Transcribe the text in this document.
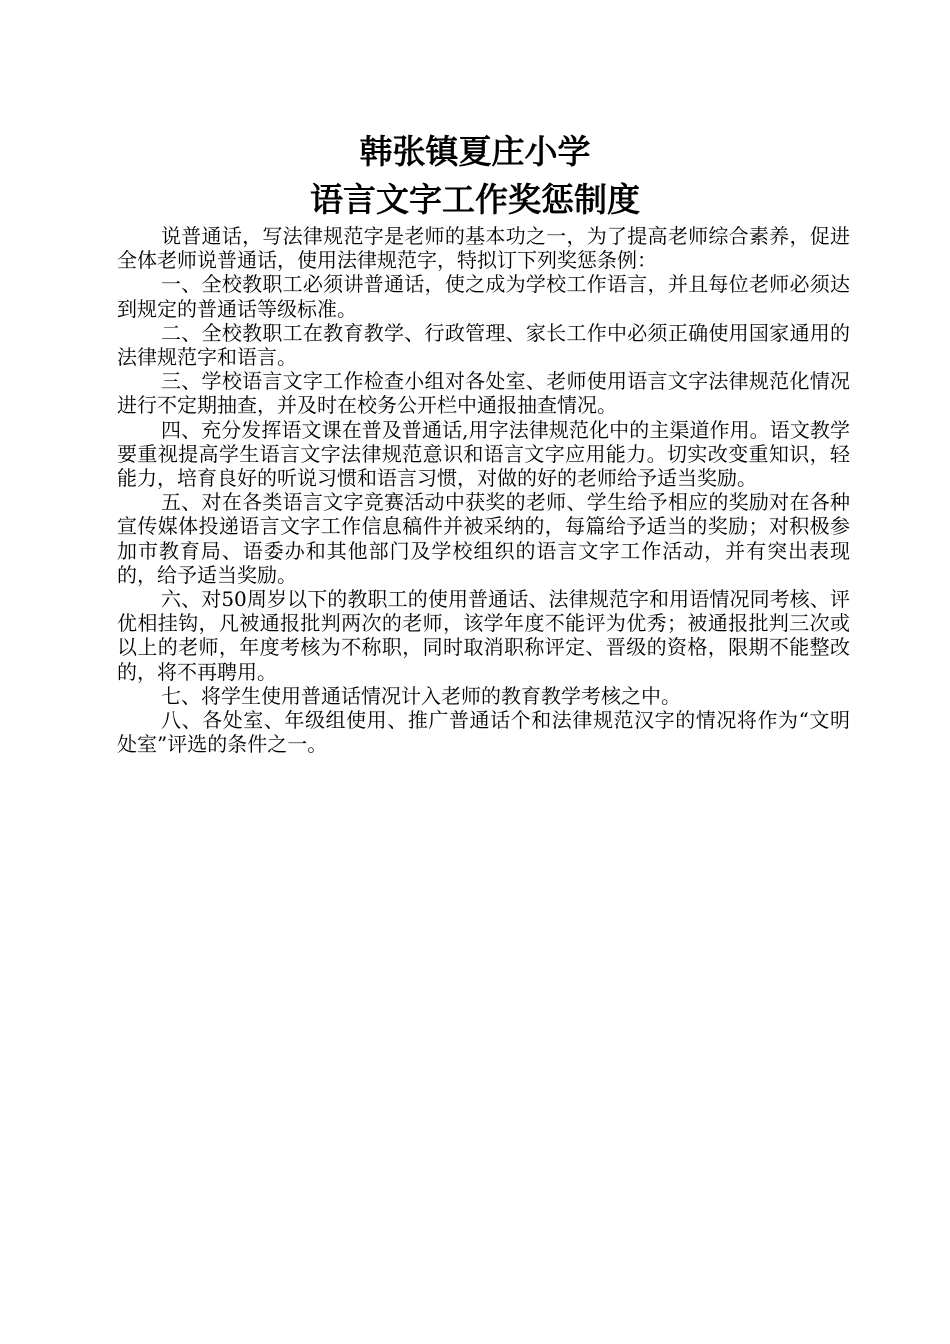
韩张镇夏庄小学
语言文字工作奖惩制度

说普通话，写法律规范字是老师的基本功之一，为了提高老师综合素养，促进全体老师说普通话，使用法律规范字，特拟订下列奖惩条例：

一、全校教职工必须讲普通话，使之成为学校工作语言，并且每位老师必须达到规定的普通话等级标准。

二、全校教职工在教育教学、行政管理、家长工作中必须正确使用国家通用的法律规范字和语言。

三、学校语言文字工作检查小组对各处室、老师使用语言文字法律规范化情况进行不定期抽查，并及时在校务公开栏中通报抽查情况。

四、充分发挥语文课在普及普通话,用字法律规范化中的主渠道作用。语文教学要重视提高学生语言文字法律规范意识和语言文字应用能力。切实改变重知识，轻能力，培育良好的听说习惯和语言习惯，对做的好的老师给予适当奖励。

五、对在各类语言文字竞赛活动中获奖的老师、学生给予相应的奖励对在各种宣传媒体投递语言文字工作信息稿件并被采纳的，每篇给予适当的奖励；对积极参加市教育局、语委办和其他部门及学校组织的语言文字工作活动，并有突出表现的，给予适当奖励。

六、对50周岁以下的教职工的使用普通话、法律规范字和用语情况同考核、评优相挂钩，凡被通报批判两次的老师，该学年度不能评为优秀；被通报批判三次或以上的老师，年度考核为不称职，同时取消职称评定、晋级的资格，限期不能整改的，将不再聘用。

七、将学生使用普通话情况计入老师的教育教学考核之中。

八、各处室、年级组使用、推广普通话个和法律规范汉字的情况将作为“文明处室”评选的条件之一。
